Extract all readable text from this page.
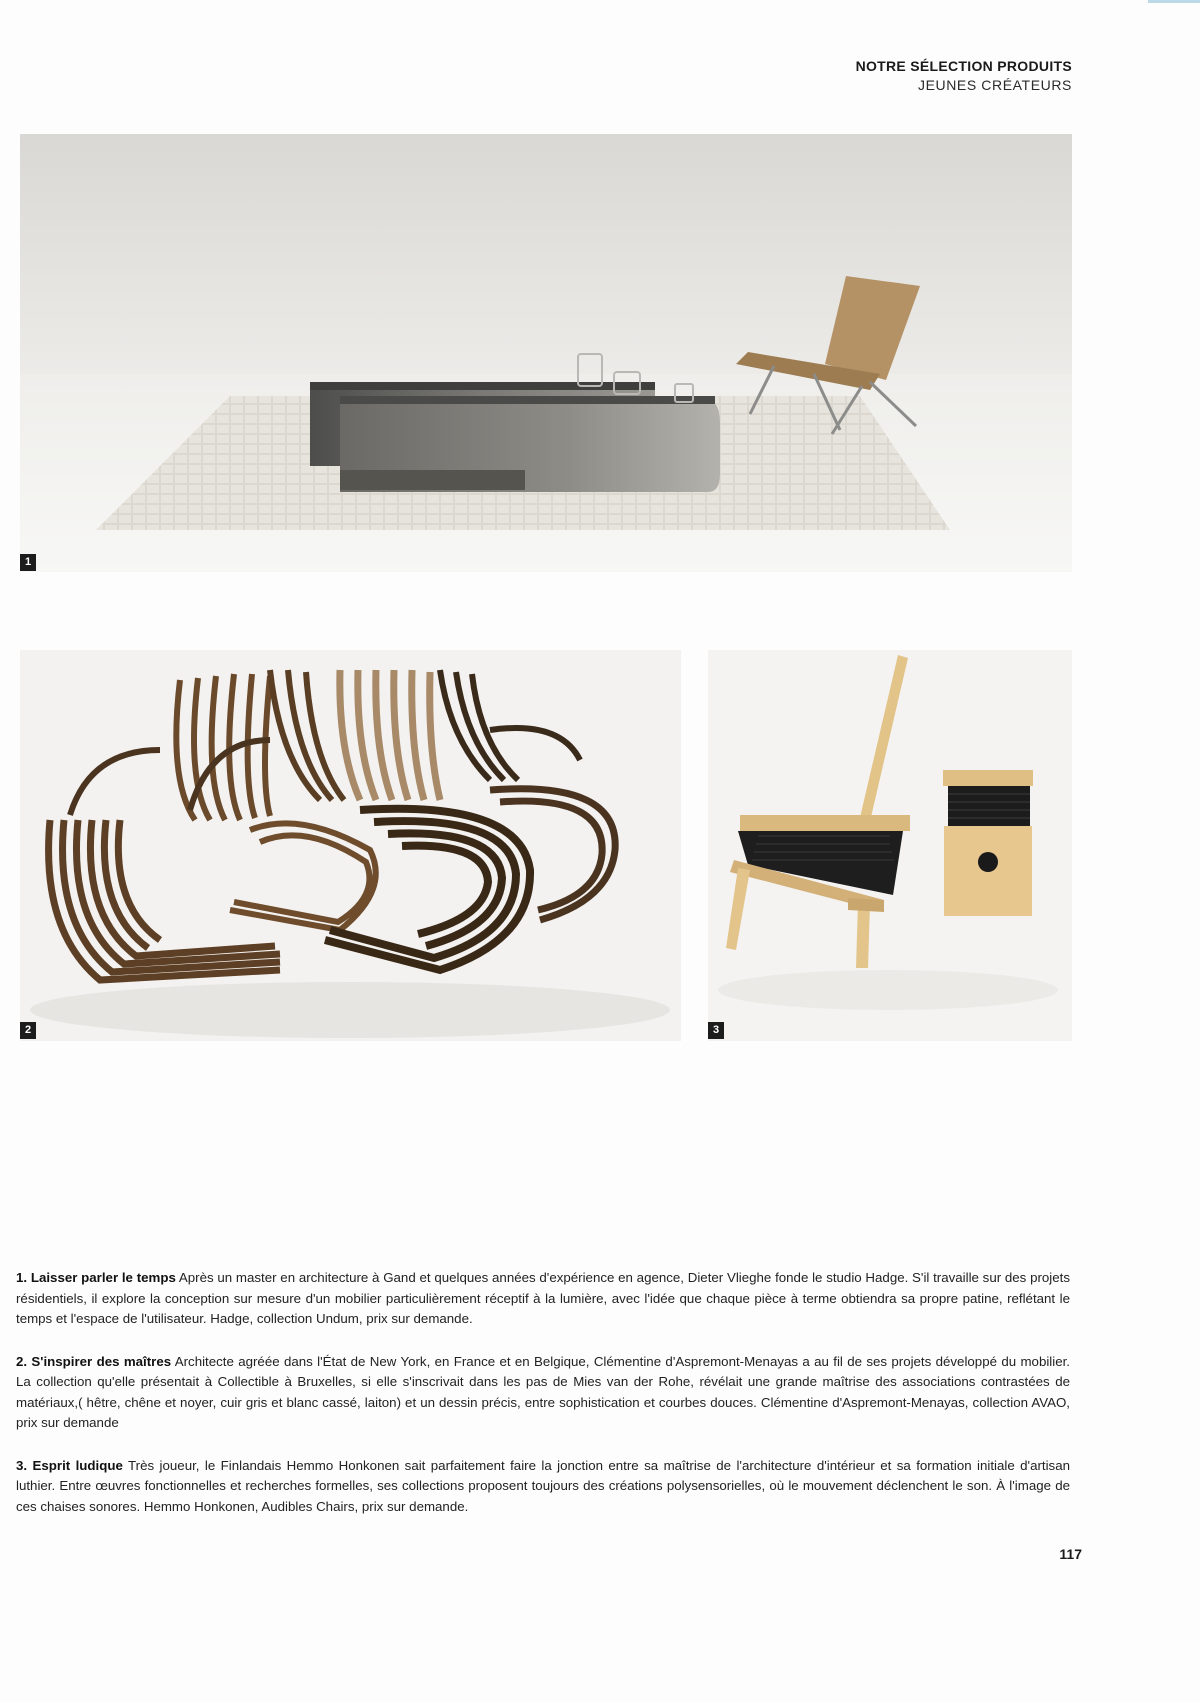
NOTRE SÉLECTION PRODUITS
JEUNES CRÉATEURS
1
2	3

1. Laisser parler le temps Après un master en architecture à Gand et quelques années d'expérience en agence, Dieter Vlieghe fonde le studio Hadge. S'il travaille sur des projets résidentiels, il explore la conception sur mesure d'un mobilier particulièrement réceptif à la lumière, avec l'idée que chaque pièce à terme obtiendra sa propre patine, reflétant le temps et l'espace de l'utilisateur. Hadge, collection Undum, prix sur demande.

2. S'inspirer des maîtres Architecte agréée dans l'État de New York, en France et en Belgique, Clémentine d'Aspremont-Menayas a au fil de ses projets développé du mobilier. La collection qu'elle présentait à Collectible à Bruxelles, si elle s'inscrivait dans les pas de Mies van der Rohe, révélait une grande maîtrise des associations contrastées de matériaux,( hêtre, chêne et noyer, cuir gris et blanc cassé, laiton) et un dessin précis, entre sophistication et courbes douces. Clémentine d'Aspremont-Menayas, collection AVAO, prix sur demande

3. Esprit ludique Très joueur, le Finlandais Hemmo Honkonen sait parfaitement faire la jonction entre sa maîtrise de l'architecture d'intérieur et sa formation initiale d'artisan luthier. Entre œuvres fonctionnelles et recherches formelles, ses collections proposent toujours des créations polysensorielles, où le mouvement déclenchent le son. À l'image de ces chaises sonores. Hemmo Honkonen, Audibles Chairs, prix sur demande.

117
